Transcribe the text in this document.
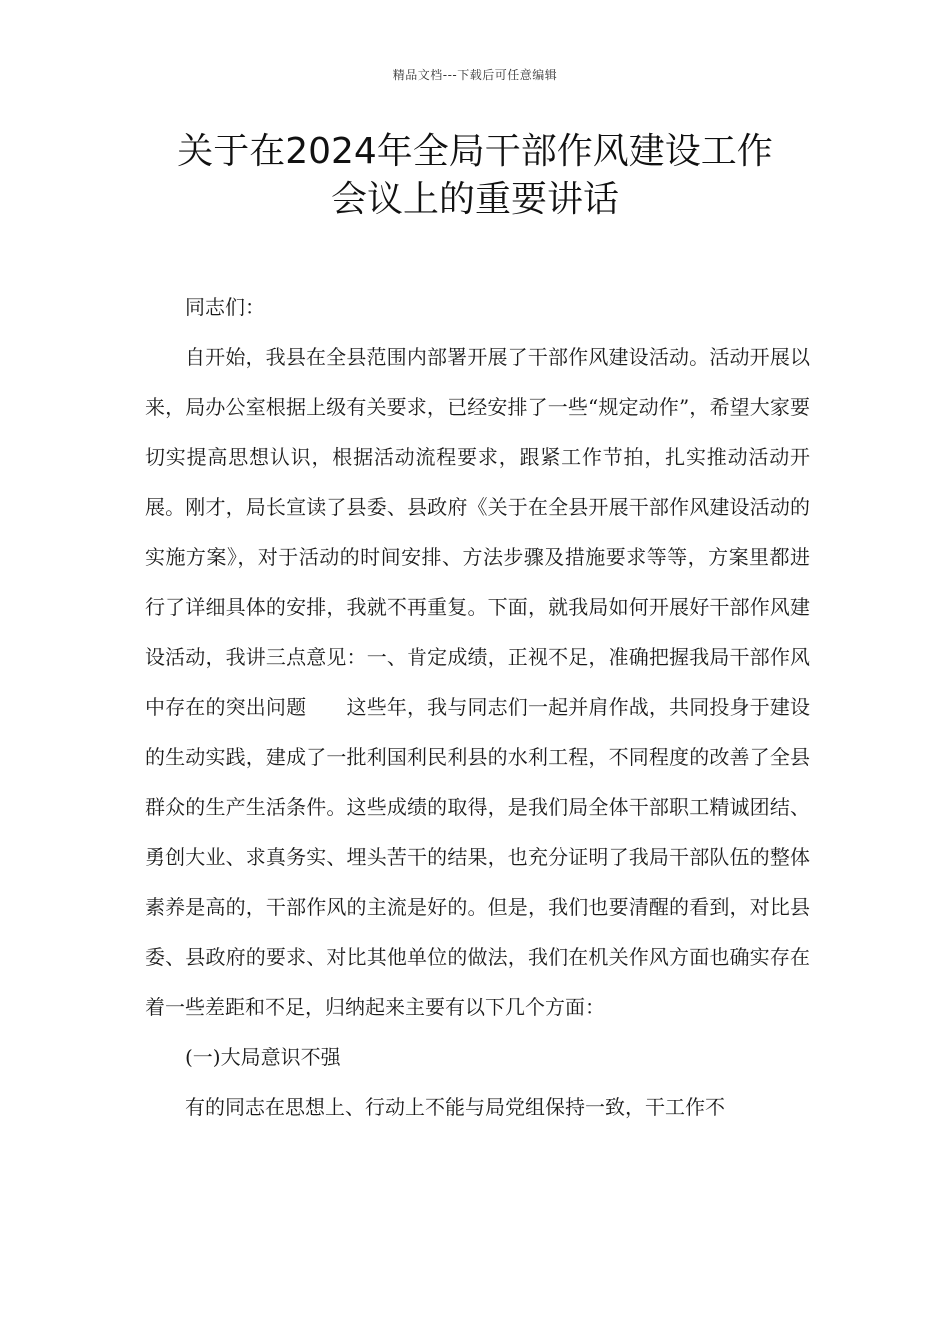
精品文档---下载后可任意编辑
关于在2024年全局干部作风建设工作
会议上的重要讲话

同志们：

自开始，我县在全县范围内部署开展了干部作风建设活动。活动开展以来，局办公室根据上级有关要求，已经安排了一些“规定动作”，希望大家要切实提高思想认识，根据活动流程要求，跟紧工作节拍，扎实推动活动开展。刚才，局长宣读了县委、县政府《关于在全县开展干部作风建设活动的实施方案》，对于活动的时间安排、方法步骤及措施要求等等，方案里都进行了详细具体的安排，我就不再重复。下面，就我局如何开展好干部作风建设活动，我讲三点意见：一、肯定成绩，正视不足，准确把握我局干部作风中存在的突出问题　　这些年，我与同志们一起并肩作战，共同投身于建设的生动实践，建成了一批利国利民利县的水利工程，不同程度的改善了全县群众的生产生活条件。这些成绩的取得，是我们局全体干部职工精诚团结、勇创大业、求真务实、埋头苦干的结果，也充分证明了我局干部队伍的整体素养是高的，干部作风的主流是好的。但是，我们也要清醒的看到，对比县委、县政府的要求、对比其他单位的做法，我们在机关作风方面也确实存在着一些差距和不足，归纳起来主要有以下几个方面：

(一)大局意识不强

有的同志在思想上、行动上不能与局党组保持一致，干工作不
